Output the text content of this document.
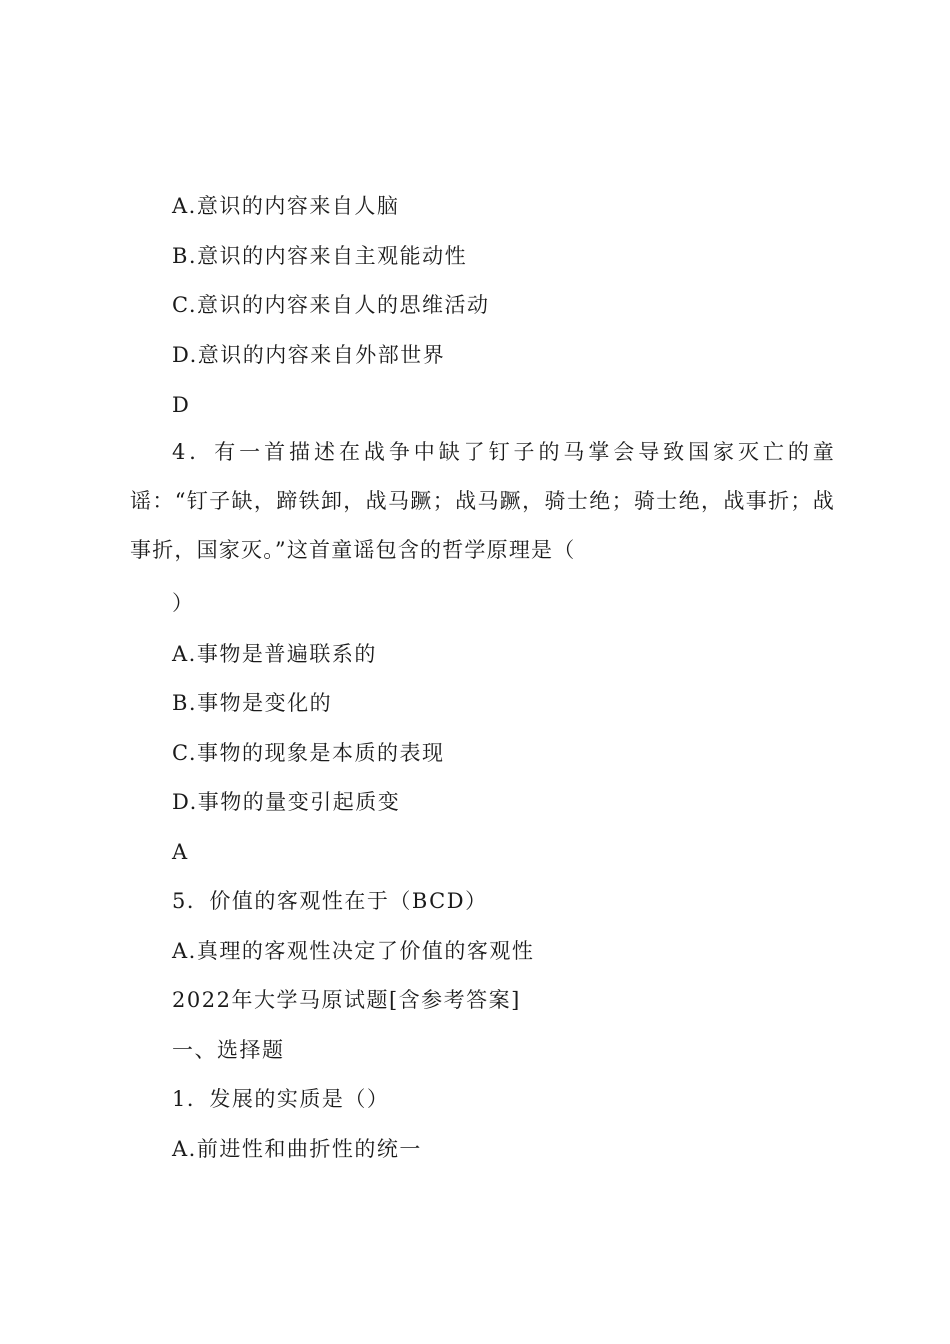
A.意识的内容来自人脑
B.意识的内容来自主观能动性
C.意识的内容来自人的思维活动
D.意识的内容来自外部世界
D
4．有一首描述在战争中缺了钉子的马掌会导致国家灭亡的童谣：“钉子缺，蹄铁卸，战马蹶；战马蹶，骑士绝；骑士绝，战事折；战事折，国家灭。”这首童谣包含的哲学原理是（
）
A.事物是普遍联系的
B.事物是变化的
C.事物的现象是本质的表现
D.事物的量变引起质变
A
5．价值的客观性在于（BCD）
A.真理的客观性决定了价值的客观性
2022年大学马原试题[含参考答案]
一、选择题
1．发展的实质是（）
A.前进性和曲折性的统一
